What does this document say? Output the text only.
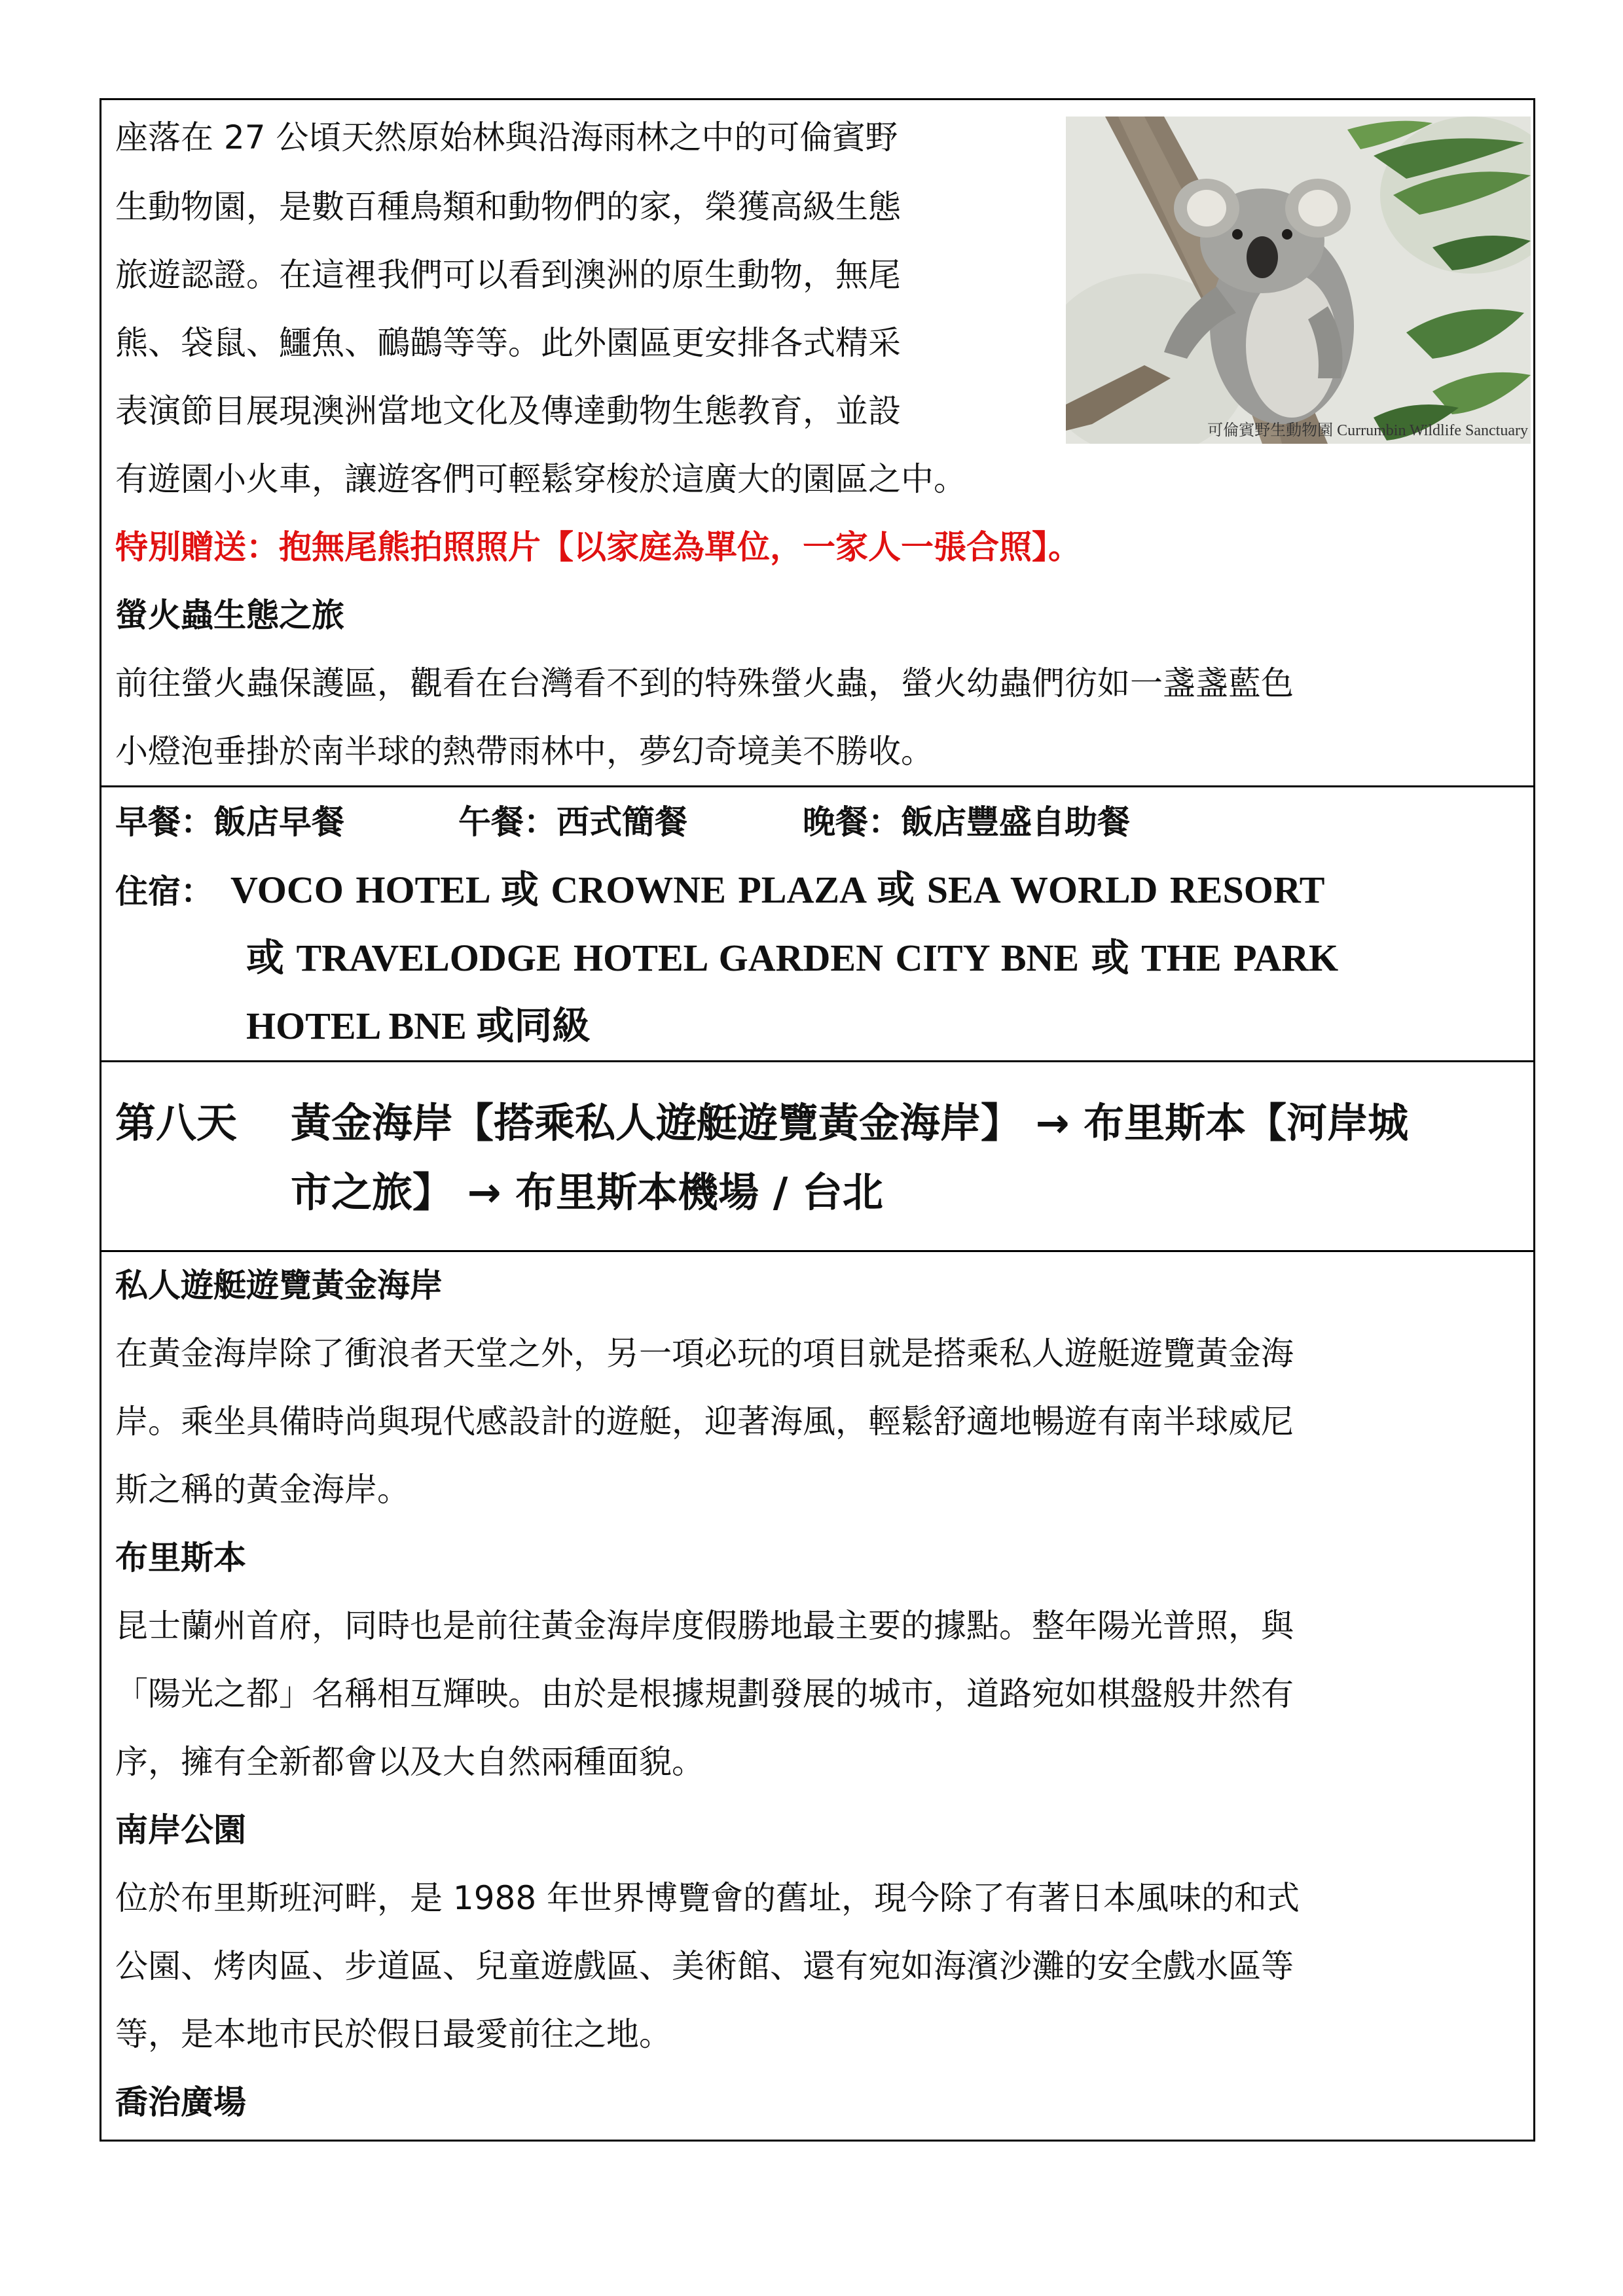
可倫賓野生動物園 Currumbin Wildlife Sanctuary
座落在 27 公頃天然原始林與沿海雨林之中的可倫賓野
生動物園，是數百種鳥類和動物們的家，榮獲高級生態
旅遊認證。在這裡我們可以看到澳洲的原生動物，無尾
熊、袋鼠、鱷魚、鴯鶓等等。此外園區更安排各式精采
表演節目展現澳洲當地文化及傳達動物生態教育，並設
有遊園小火車，讓遊客們可輕鬆穿梭於這廣大的園區之中。
特別贈送：抱無尾熊拍照照片【以家庭為單位，一家人一張合照】。
螢火蟲生態之旅
前往螢火蟲保護區，觀看在台灣看不到的特殊螢火蟲，螢火幼蟲們彷如一盞盞藍色
小燈泡垂掛於南半球的熱帶雨林中，夢幻奇境美不勝收。
早餐：飯店早餐	午餐：西式簡餐	晚餐：飯店豐盛自助餐
住宿： VOCO HOTEL 或 CROWNE PLAZA 或 SEA WORLD RESORT
或 TRAVELODGE HOTEL GARDEN CITY BNE 或 THE PARK
HOTEL BNE 或同級
第八天 黃金海岸【搭乘私人遊艇遊覽黃金海岸】 → 布里斯本【河岸城
市之旅】 → 布里斯本機場 / 台北
私人遊艇遊覽黃金海岸
在黃金海岸除了衝浪者天堂之外，另一項必玩的項目就是搭乘私人遊艇遊覽黃金海
岸。乘坐具備時尚與現代感設計的遊艇，迎著海風，輕鬆舒適地暢遊有南半球威尼
斯之稱的黃金海岸。
布里斯本
昆士蘭州首府，同時也是前往黃金海岸度假勝地最主要的據點。整年陽光普照，與
「陽光之都」名稱相互輝映。由於是根據規劃發展的城市，道路宛如棋盤般井然有
序，擁有全新都會以及大自然兩種面貌。
南岸公園
位於布里斯班河畔，是 1988 年世界博覽會的舊址，現今除了有著日本風味的和式
公園、烤肉區、步道區、兒童遊戲區、美術館、還有宛如海濱沙灘的安全戲水區等
等，是本地市民於假日最愛前往之地。
喬治廣場
